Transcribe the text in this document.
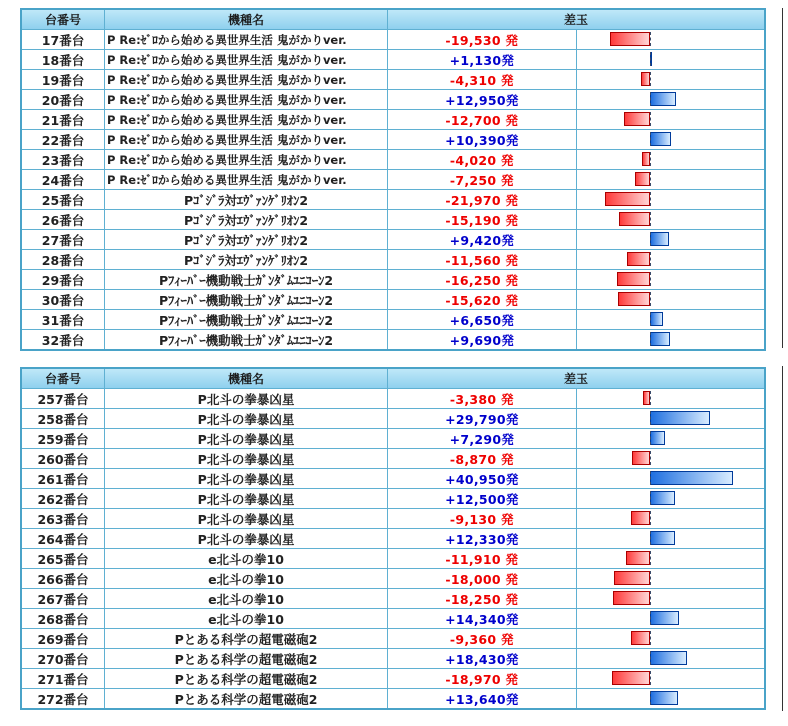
台番号	機種名	差玉	
17番台	P Re:ｾﾞﾛから始める異世界生活 鬼がかりver.	-19,530 発	

18番台	P Re:ｾﾞﾛから始める異世界生活 鬼がかりver.	+1,130発	

19番台	P Re:ｾﾞﾛから始める異世界生活 鬼がかりver.	-4,310 発	

20番台	P Re:ｾﾞﾛから始める異世界生活 鬼がかりver.	+12,950発	

21番台	P Re:ｾﾞﾛから始める異世界生活 鬼がかりver.	-12,700 発	

22番台	P Re:ｾﾞﾛから始める異世界生活 鬼がかりver.	+10,390発	

23番台	P Re:ｾﾞﾛから始める異世界生活 鬼がかりver.	-4,020 発	

24番台	P Re:ｾﾞﾛから始める異世界生活 鬼がかりver.	-7,250 発	

25番台	Pｺﾞｼﾞﾗ対ｴｳﾞｧﾝｹﾞﾘｵﾝ2	-21,970 発	

26番台	Pｺﾞｼﾞﾗ対ｴｳﾞｧﾝｹﾞﾘｵﾝ2	-15,190 発	

27番台	Pｺﾞｼﾞﾗ対ｴｳﾞｧﾝｹﾞﾘｵﾝ2	+9,420発	

28番台	Pｺﾞｼﾞﾗ対ｴｳﾞｧﾝｹﾞﾘｵﾝ2	-11,560 発	

29番台	Pﾌｨｰﾊﾞｰ機動戦士ｶﾞﾝﾀﾞﾑﾕﾆｺｰﾝ2	-16,250 発	

30番台	Pﾌｨｰﾊﾞｰ機動戦士ｶﾞﾝﾀﾞﾑﾕﾆｺｰﾝ2	-15,620 発	

31番台	Pﾌｨｰﾊﾞｰ機動戦士ｶﾞﾝﾀﾞﾑﾕﾆｺｰﾝ2	+6,650発	

32番台	Pﾌｨｰﾊﾞｰ機動戦士ｶﾞﾝﾀﾞﾑﾕﾆｺｰﾝ2	+9,690発	
台番号	機種名	差玉	
257番台	P北斗の拳暴凶星	-3,380 発	

258番台	P北斗の拳暴凶星	+29,790発	

259番台	P北斗の拳暴凶星	+7,290発	

260番台	P北斗の拳暴凶星	-8,870 発	

261番台	P北斗の拳暴凶星	+40,950発	

262番台	P北斗の拳暴凶星	+12,500発	

263番台	P北斗の拳暴凶星	-9,130 発	

264番台	P北斗の拳暴凶星	+12,330発	

265番台	e北斗の拳10	-11,910 発	

266番台	e北斗の拳10	-18,000 発	

267番台	e北斗の拳10	-18,250 発	

268番台	e北斗の拳10	+14,340発	

269番台	Pとある科学の超電磁砲2	-9,360 発	

270番台	Pとある科学の超電磁砲2	+18,430発	

271番台	Pとある科学の超電磁砲2	-18,970 発	

272番台	Pとある科学の超電磁砲2	+13,640発	
